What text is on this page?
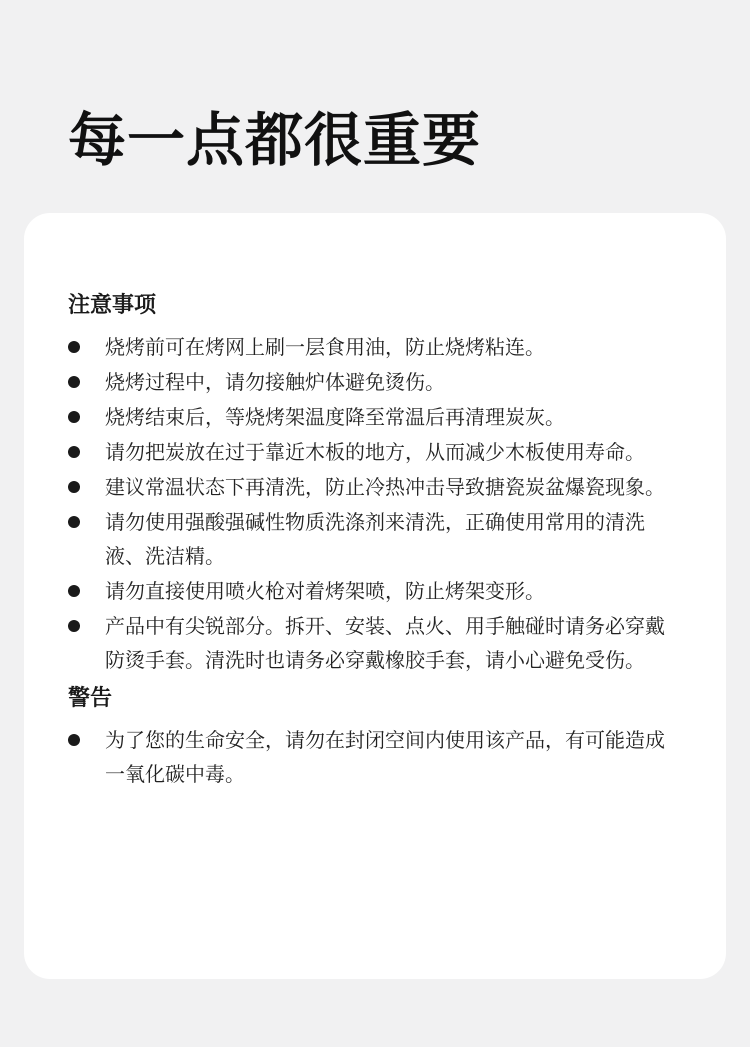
每一点都很重要
注意事项
烧烤前可在烤网上刷一层食用油，防止烧烤粘连。
烧烤过程中，请勿接触炉体避免烫伤。
烧烤结束后，等烧烤架温度降至常温后再清理炭灰。
请勿把炭放在过于靠近木板的地方，从而减少木板使用寿命。
建议常温状态下再清洗，防止冷热冲击导致搪瓷炭盆爆瓷现象。
请勿使用强酸强碱性物质洗涤剂来清洗，正确使用常用的清洗液、洗洁精。
请勿直接使用喷火枪对着烤架喷，防止烤架变形。
产品中有尖锐部分。拆开、安装、点火、用手触碰时请务必穿戴防烫手套。清洗时也请务必穿戴橡胶手套，请小心避免受伤。
警告
为了您的生命安全，请勿在封闭空间内使用该产品，有可能造成一氧化碳中毒。
